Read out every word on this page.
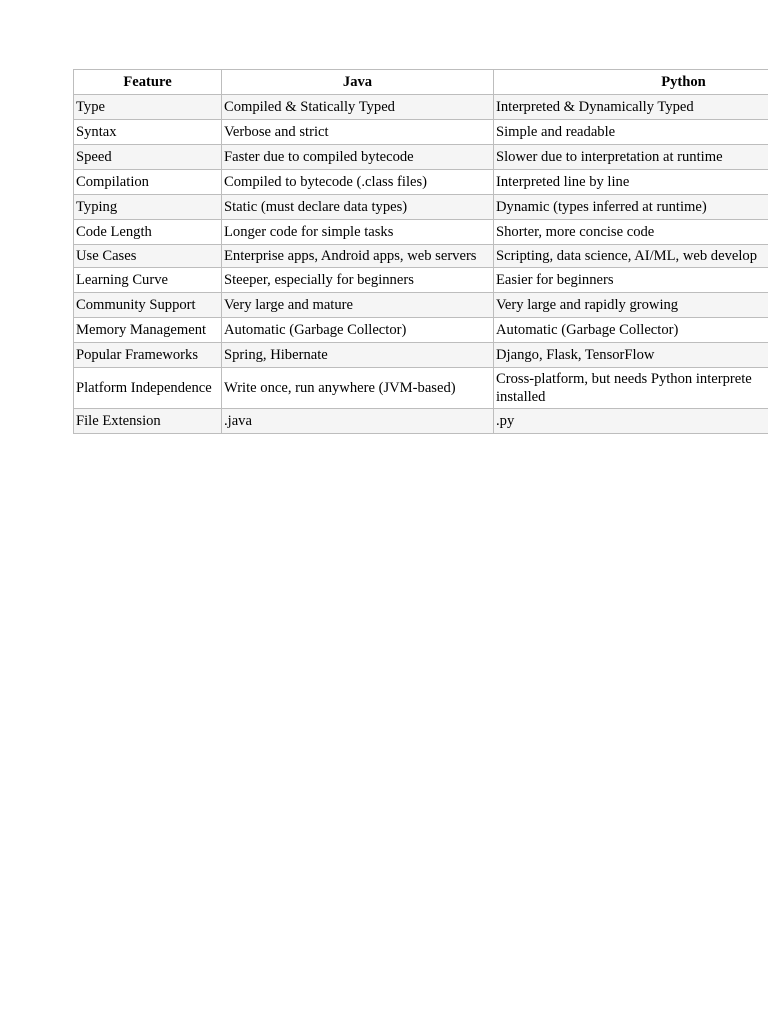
Feature	Java	Python
Type	Compiled & Statically Typed	Interpreted & Dynamically Typed
Syntax	Verbose and strict	Simple and readable
Speed	Faster due to compiled bytecode	Slower due to interpretation at runtime
Compilation	Compiled to bytecode (.class files)	Interpreted line by line
Typing	Static (must declare data types)	Dynamic (types inferred at runtime)
Code Length	Longer code for simple tasks	Shorter, more concise code
Use Cases	Enterprise apps, Android apps, web servers	Scripting, data science, AI/ML, web develop
Learning Curve	Steeper, especially for beginners	Easier for beginners
Community Support	Very large and mature	Very large and rapidly growing
Memory Management	Automatic (Garbage Collector)	Automatic (Garbage Collector)
Popular Frameworks	Spring, Hibernate	Django, Flask, TensorFlow
Platform Independence	Write once, run anywhere (JVM-based)	Cross-platform, but needs Python interprete installed

File Extension	.java	.py
